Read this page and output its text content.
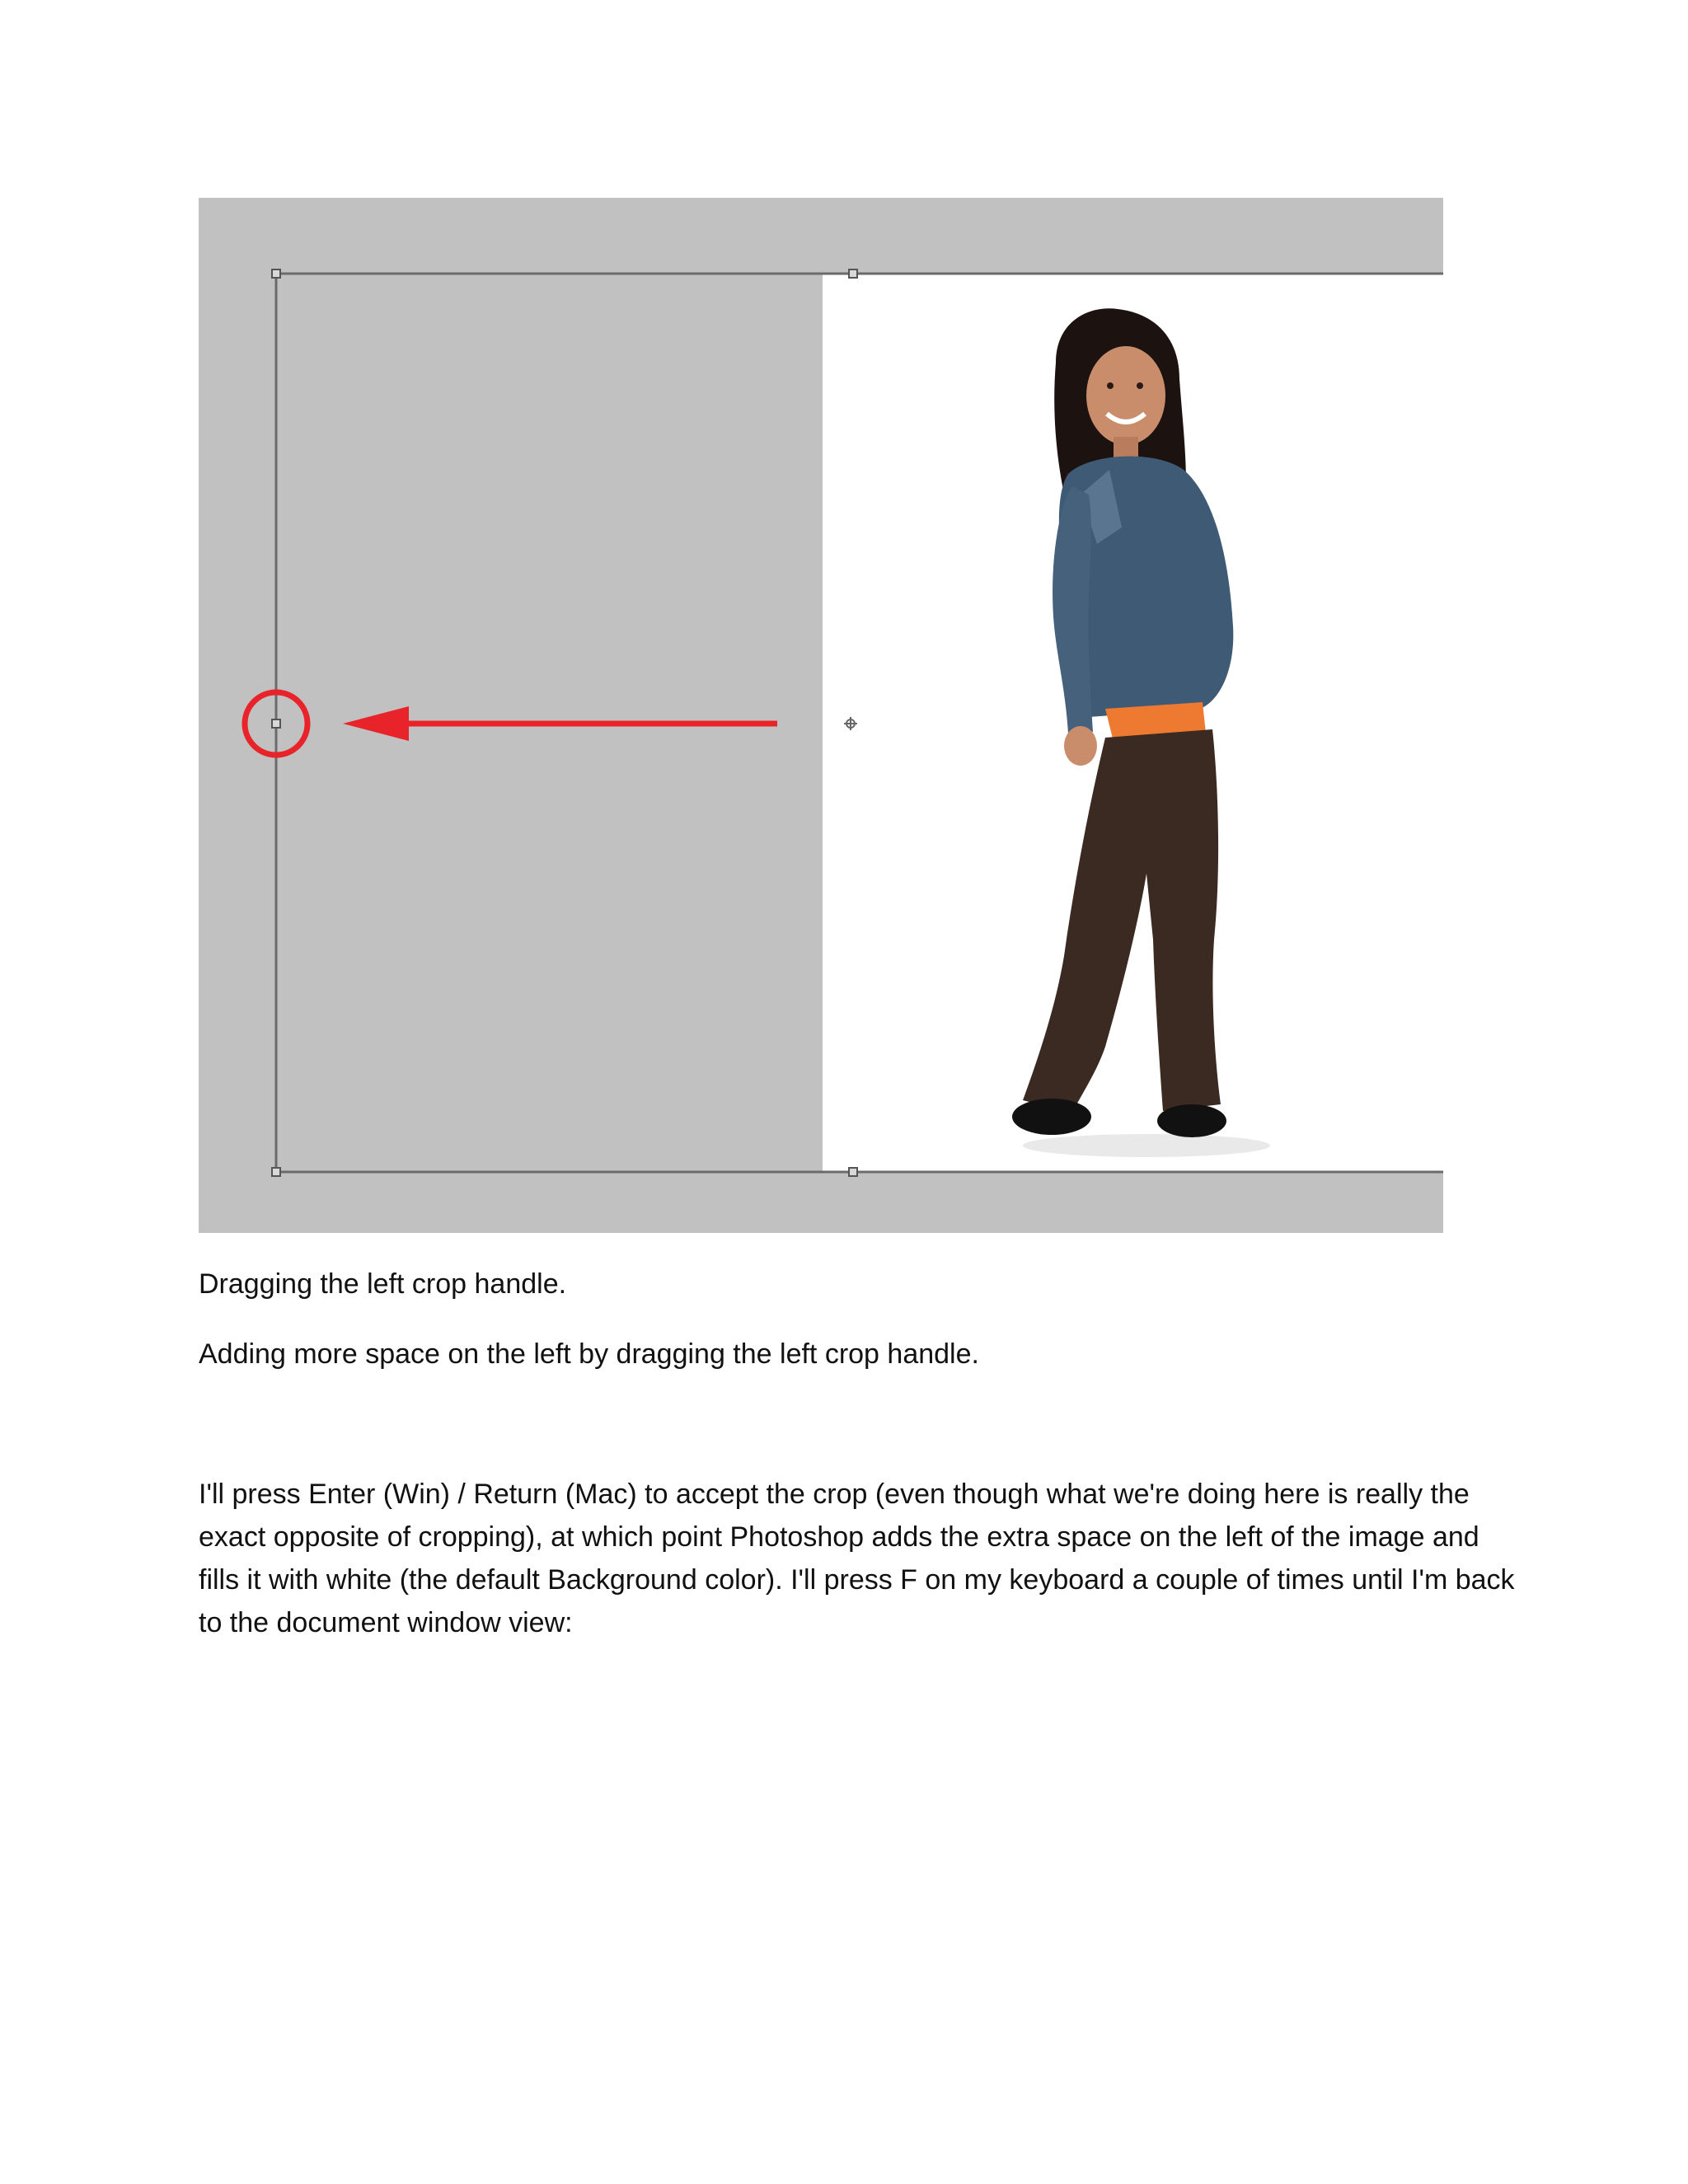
Dragging the left crop handle.

Adding more space on the left by dragging the left crop handle.

I'll press Enter (Win) / Return (Mac) to accept the crop (even though what we're doing here is really the exact opposite of cropping), at which point Photoshop adds the extra space on the left of the image and fills it with white (the default Background color). I'll press F on my keyboard a couple of times until I'm back to the document window view:
